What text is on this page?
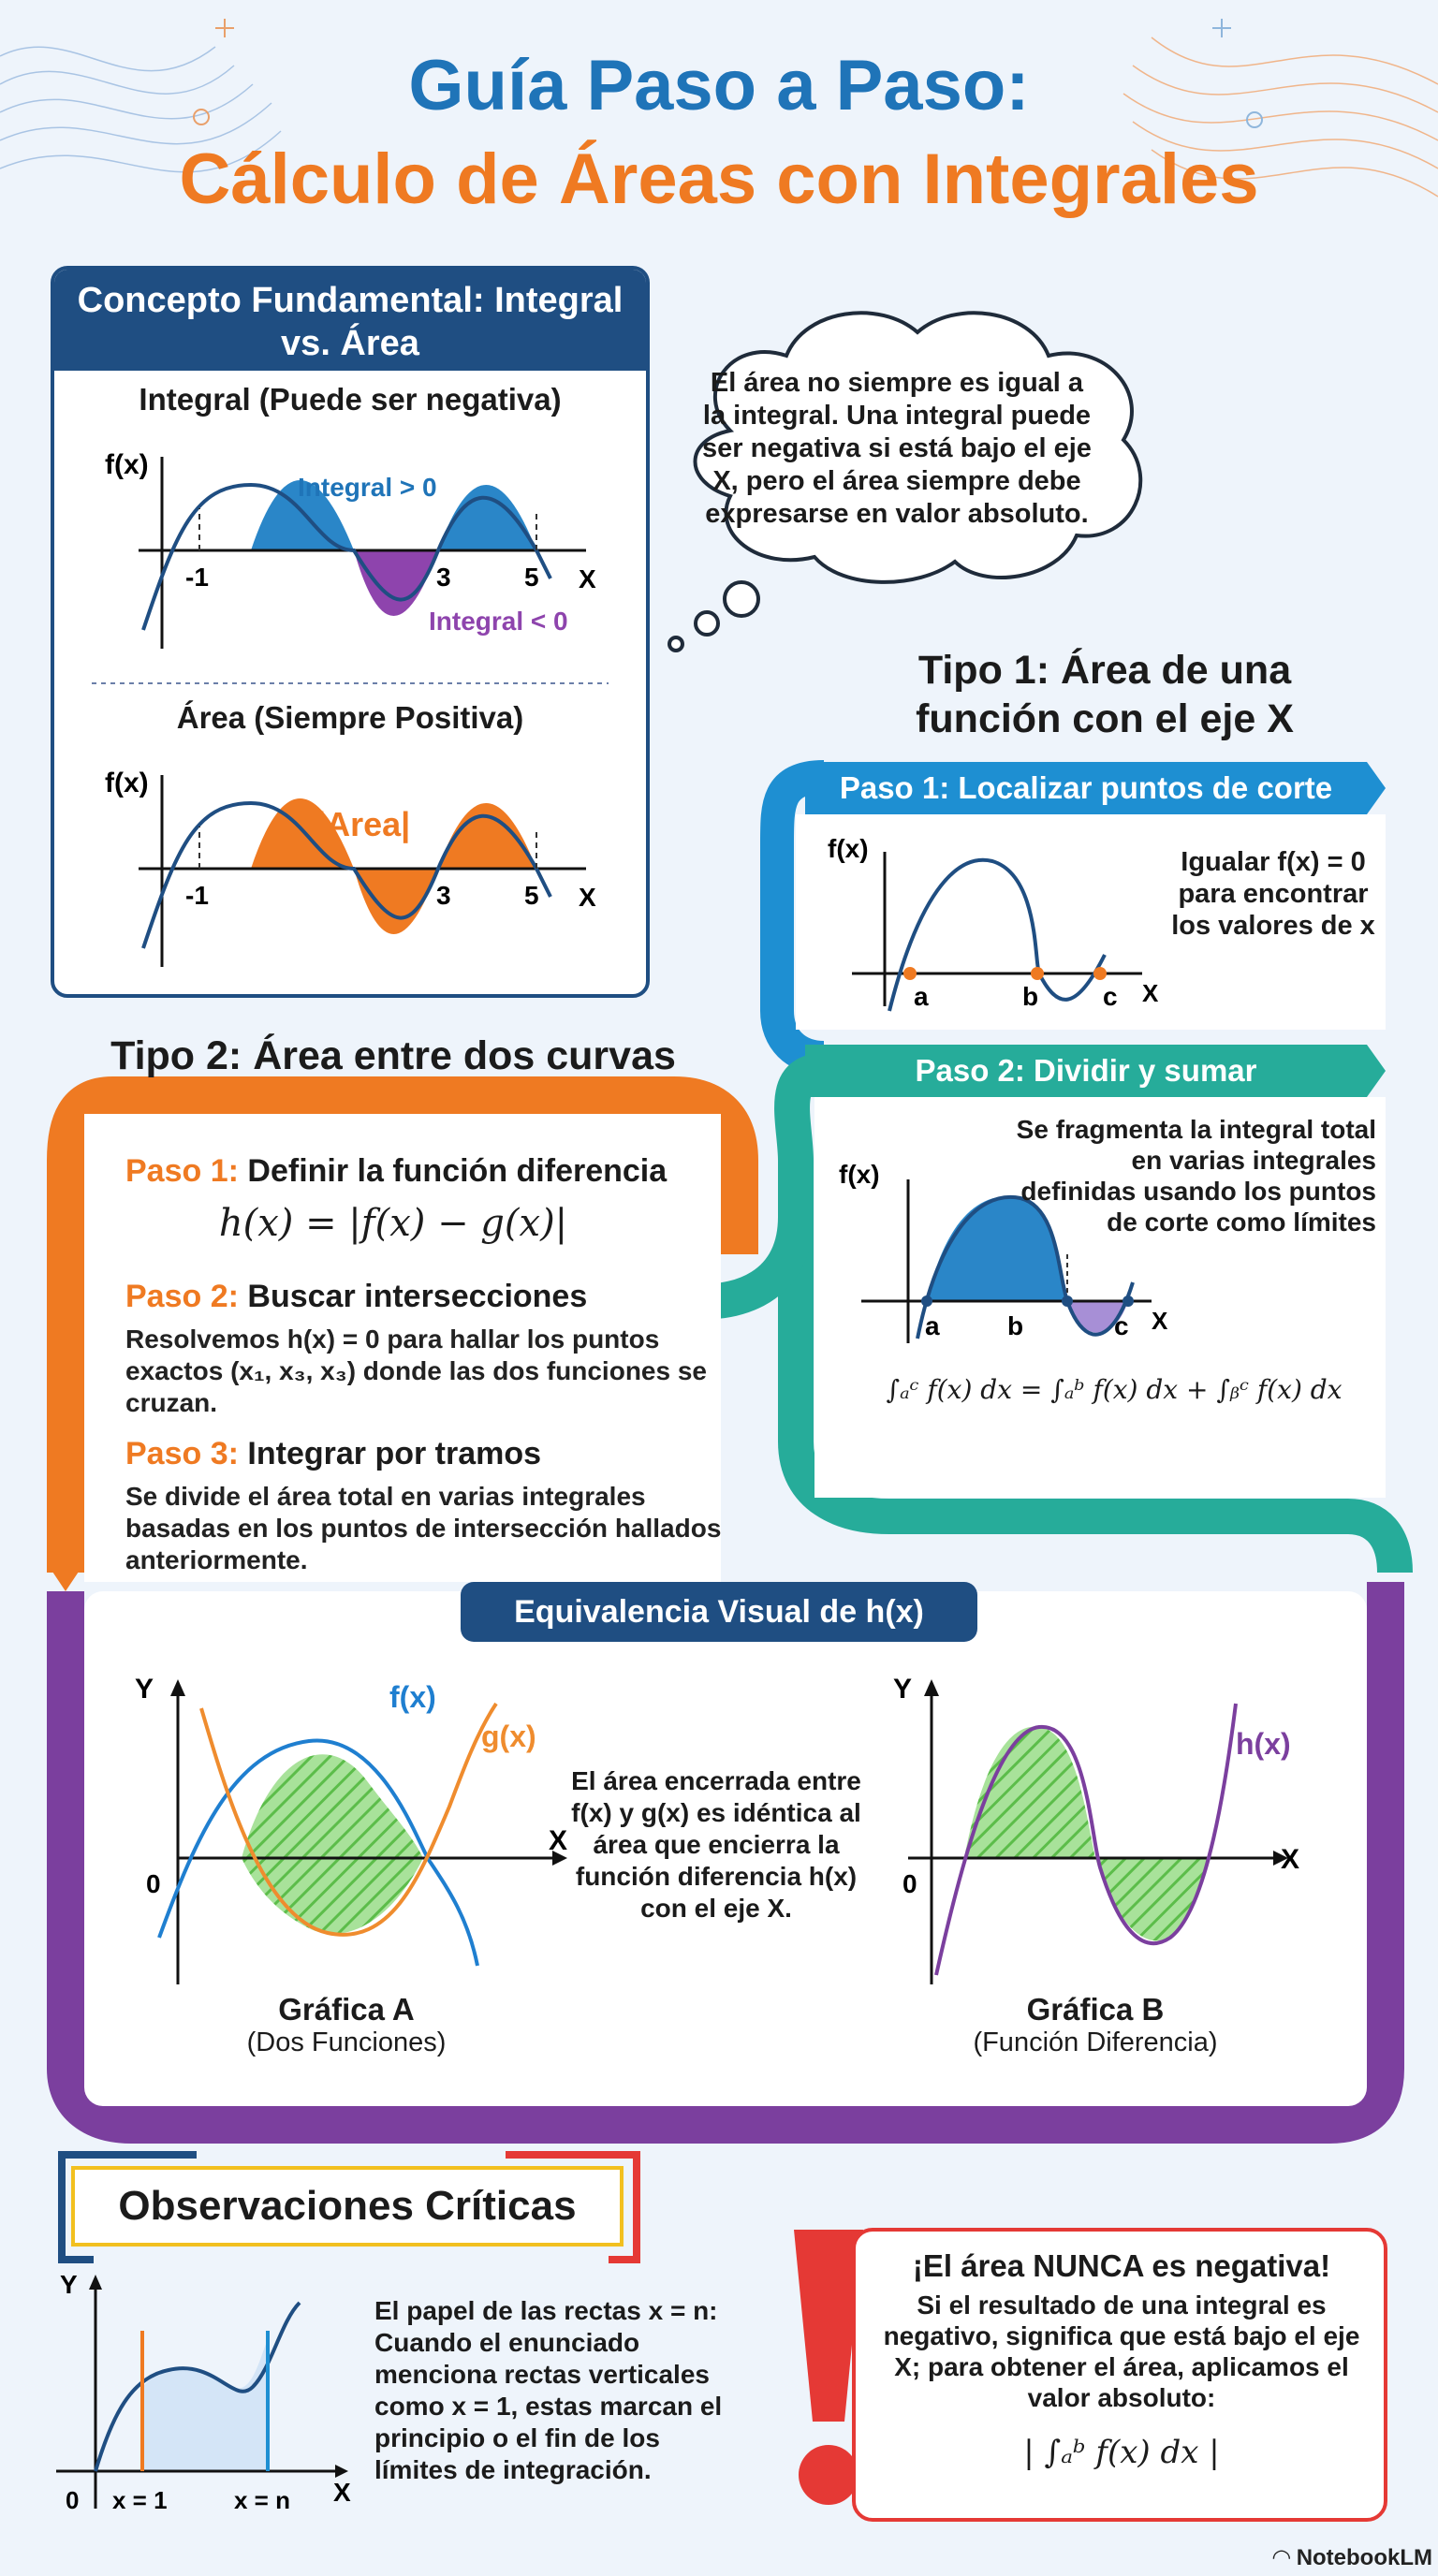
Guía Paso a Paso:
Cálculo de Áreas con Integrales
Concepto Fundamental: Integral vs. Área
Integral (Puede ser negativa)
f(x)
Integral > 0
Integral < 0
-1	3	5 X
Área (Siempre Positiva)
f(x)
|Area|
-1	3	5 X
El área no siempre es igual a la integral. Una integral puede ser negativa si está bajo el eje X, pero el área siempre debe expresarse en valor absoluto.
Tipo 1: Área de una función con el eje X
Paso 1: Localizar puntos de corte
f(x)
a	b c X
Igualar f(x) = 0 para encontrar los valores de x
Paso 2: Dividir y sumar
f(x)
a	b	c X
Se fragmenta la integral total en varias integrales definidas usando los puntos de corte como límites
∫ₐᶜ f(x) dx = ∫ₐᵇ f(x) dx + ∫ᵦᶜ f(x) dx
Tipo 2: Área entre dos curvas
Paso 1: Definir la función diferencia
h(x) = |f(x) − g(x)|
Paso 2: Buscar intersecciones
Resolvemos h(x) = 0 para hallar los puntos exactos (x₁, x₃, x₃) donde las dos funciones se cruzan.
Paso 3: Integrar por tramos
Se divide el área total en varias integrales basadas en los puntos de intersección hallados anteriormente.
Equivalencia Visual de h(x)
Y
X
0
f(x)
g(x)
Gráfica A
(Dos Funciones)
El área encerrada entre f(x) y g(x) es idéntica al área que encierra la función diferencia h(x) con el eje X.
Y
X
0
h(x)
Gráfica B
(Función Diferencia)
Observaciones Críticas
Y
X
0 x = 1	x = n
El papel de las rectas x = n: Cuando el enunciado menciona rectas verticales como x = 1, estas marcan el principio o el fin de los límites de integración.
¡El área NUNCA es negativa!
Si el resultado de una integral es negativo, significa que está bajo el eje X; para obtener el área, aplicamos el valor absoluto:
| ∫ₐᵇ f(x) dx |
◠ NotebookLM
